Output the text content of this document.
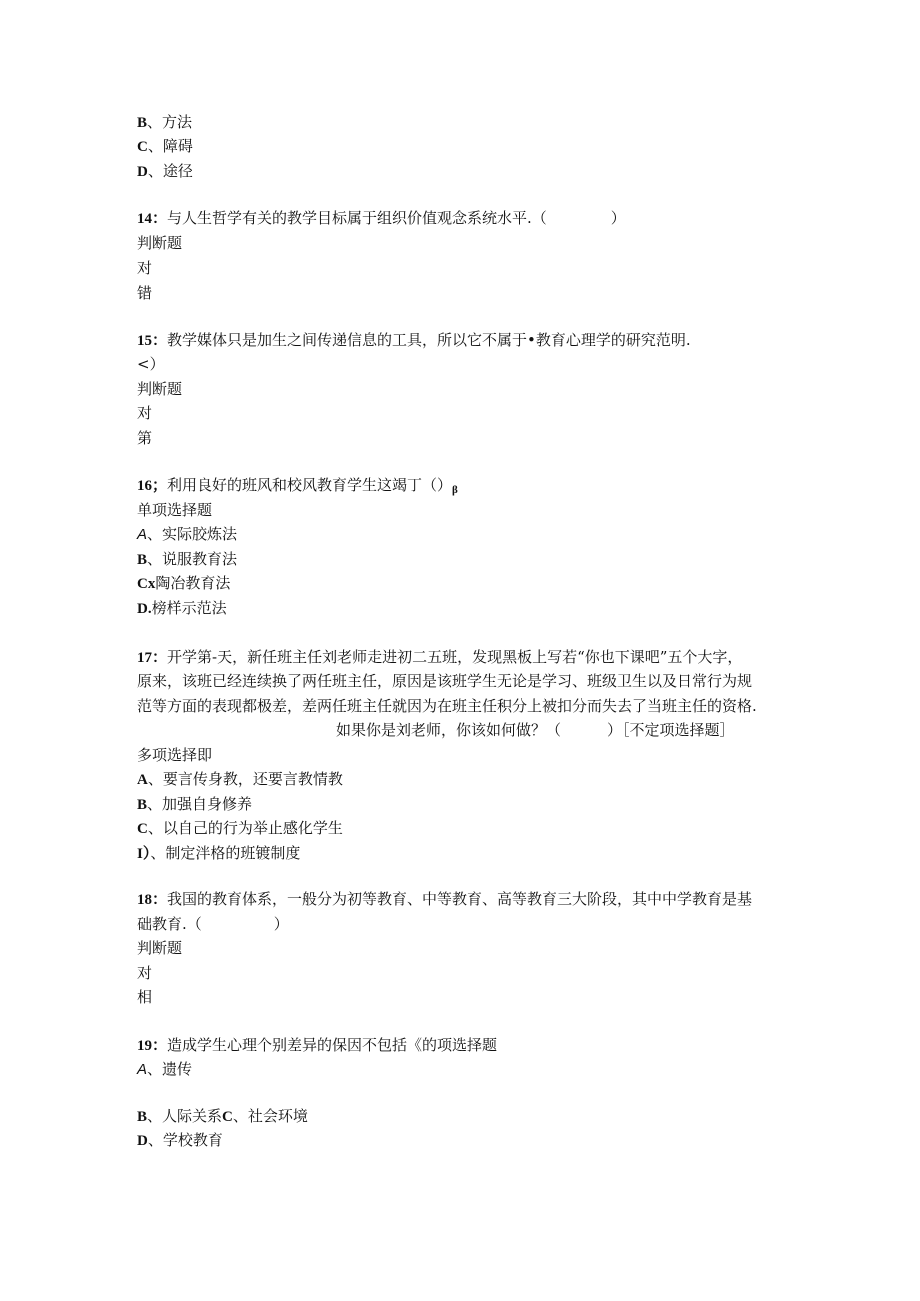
B、方法
C、障碍
D、途径
14：与人生哲学有关的教学目标属于组织价值观念系统水平.（	）
判断题
对
错
15：教学媒体只是加生之间传递信息的工具，所以它不属于•教育心理学的研究范明.
<）
判断题
对
第
16；利用良好的班风和校风教育学生这竭丁$()_\beta$
单项选择题
A、实际胶炼法
B、说服教育法
Cx陶冶教育法
D.榜样示范法
17：开学第-天，新任班主任刘老师走进初二五班，发现黑板上写若“你也下课吧”五个大字，
原来，该班已经连续换了两任班主任，原因是该班学生无论是学习、班级卫生以及日常行为规
范等方面的表现都极差，差两任班主任就因为在班主任积分上被扣分而失去了当班主任的资格.
如果你是刘老师，你该如何做？（	）［不定项选择题］
多项选择即
A、要言传身教，还要言教情教
B、加强自身修养
C、以自己的行为举止感化学生
I）、制定泮格的班镀制度
18：我国的教育体系，一般分为初等教育、中等教育、高等教育三大阶段，其中中学教育是基
础教育.（	）
判断题
对
相
19：造成学生心理个别差异的保因不包括《的项选择题
A、遗传
B、人际关系C、社会环境
D、学校教育
